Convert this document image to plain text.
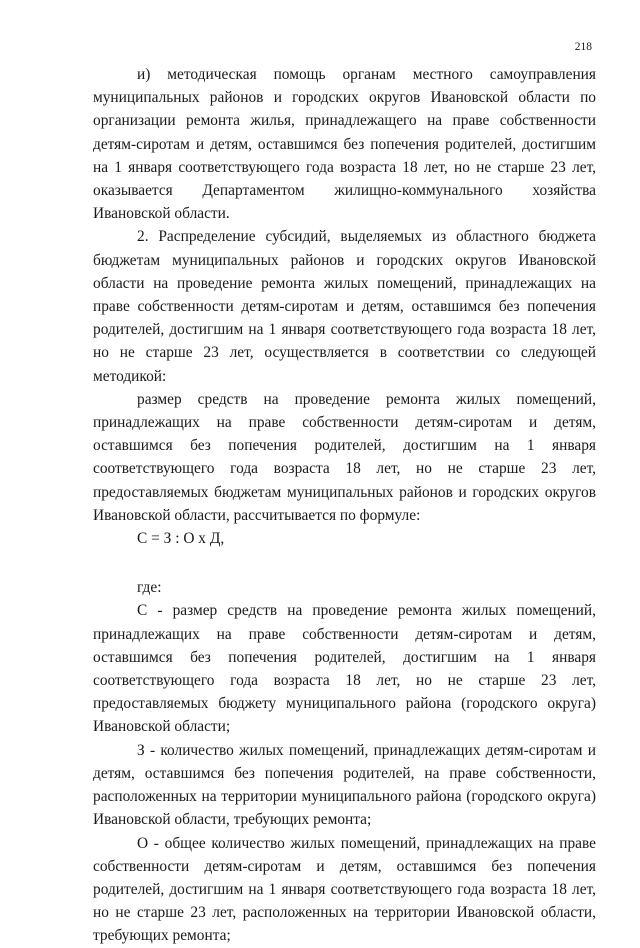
218

и) методическая помощь органам местного самоуправления муниципальных районов и городских округов Ивановской области по организации ремонта жилья, принадлежащего на праве собственности детям-сиротам и детям, оставшимся без попечения родителей, достигшим на 1 января соответствующего года возраста 18 лет, но не старше 23 лет, оказывается Департаментом жилищно-коммунального хозяйства Ивановской области.

2. Распределение субсидий, выделяемых из областного бюджета бюджетам муниципальных районов и городских округов Ивановской области на проведение ремонта жилых помещений, принадлежащих на праве собственности детям-сиротам и детям, оставшимся без попечения родителей, достигшим на 1 января соответствующего года возраста 18 лет, но не старше 23 лет, осуществляется в соответствии со следующей методикой:

размер средств на проведение ремонта жилых помещений, принадлежащих на праве собственности детям-сиротам и детям, оставшимся без попечения родителей, достигшим на 1 января соответствующего года возраста 18 лет, но не старше 23 лет, предоставляемых бюджетам муниципальных районов и городских округов Ивановской области, рассчитывается по формуле:

С = З : О х Д,

где:

С - размер средств на проведение ремонта жилых помещений, принадлежащих на праве собственности детям-сиротам и детям, оставшимся без попечения родителей, достигшим на 1 января соответствующего года возраста 18 лет, но не старше 23 лет, предоставляемых бюджету муниципального района (городского округа) Ивановской области;

З - количество жилых помещений, принадлежащих детям-сиротам и детям, оставшимся без попечения родителей, на праве собственности, расположенных на территории муниципального района (городского округа) Ивановской области, требующих ремонта;

О - общее количество жилых помещений, принадлежащих на праве собственности детям-сиротам и детям, оставшимся без попечения родителей, достигшим на 1 января соответствующего года возраста 18 лет, но не старше 23 лет, расположенных на территории Ивановской области, требующих ремонта;
